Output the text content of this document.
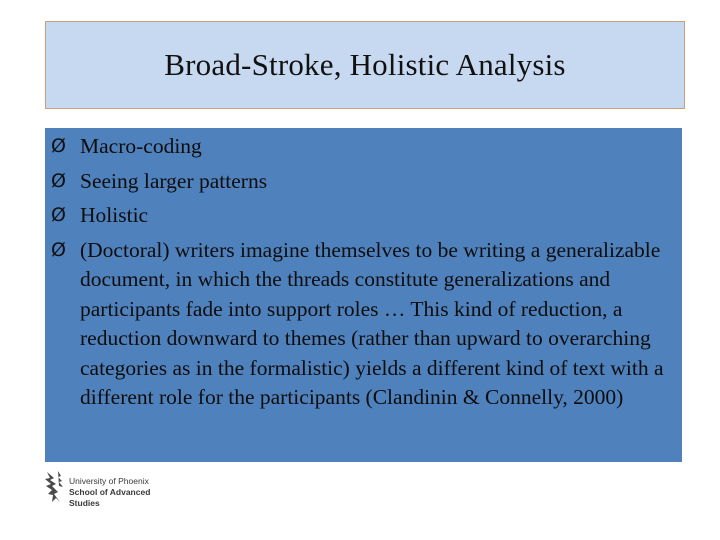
Broad-Stroke, Holistic Analysis
Ø Macro-coding
Ø Seeing larger patterns
Ø Holistic
Ø (Doctoral) writers imagine themselves to be writing a generalizable document, in which the threads constitute generalizations and participants fade into support roles … This kind of reduction, a reduction downward to themes (rather than upward to overarching categories as in the formalistic) yields a different kind of text with a different role for the participants (Clandinin & Connelly, 2000)
University of Phoenix
School of Advanced
Studies
